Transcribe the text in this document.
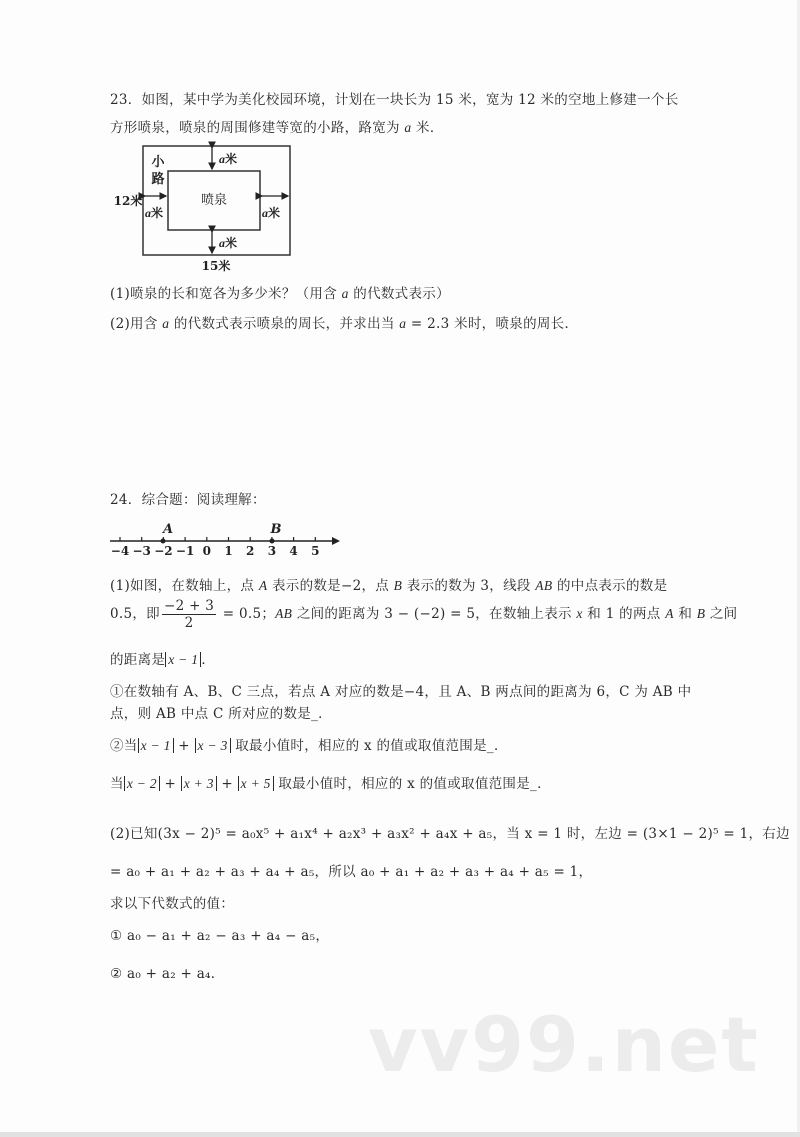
23．如图，某中学为美化校园环境，计划在一块长为 15 米，宽为 12 米的空地上修建一个长
方形喷泉，喷泉的周围修建等宽的小路，路宽为 a 米．
喷泉
小
路
12米
15米
a米
a米
a米	a米
(1)喷泉的长和宽各为多少米？（用含 a 的代数式表示）
(2)用含 a 的代数式表示喷泉的周长，并求出当 a = 2.3 米时，喷泉的周长．
24．综合题：阅读理解：
−4 −3 −2 −1 0 1 2 3 4 5
A	B
(1)如图，在数轴上，点 A 表示的数是−2，点 B 表示的数为 3，线段 AB 的中点表示的数是
0.5，即 $\frac{-2 + 3}{2} = 0.5$；AB 之间的距离为 3 − (−2) = 5，在数轴上表示 x 和 1 的两点 A 和 B 之间
的距离是 x − 1 ．
①在数轴有 A、B、C 三点，若点 A 对应的数是−4，且 A、B 两点间的距离为 6，C 为 AB 中
点，则 AB 中点 C 所对应的数是_．
②当 x − 1 + x − 3 取最小值时，相应的 x 的值或取值范围是_．
当 x − 2 + x + 3 + x + 5 取最小值时，相应的 x 的值或取值范围是_．
(2)已知(3x − 2)⁵ = a₀x⁵ + a₁x⁴ + a₂x³ + a₃x² + a₄x + a₅，当 x = 1 时，左边 = (3×1 − 2)⁵ = 1，右边
= a₀ + a₁ + a₂ + a₃ + a₄ + a₅，所以 a₀ + a₁ + a₂ + a₃ + a₄ + a₅ = 1，
求以下代数式的值：
① a₀ − a₁ + a₂ − a₃ + a₄ − a₅，
② a₀ + a₂ + a₄．
vv99.net
